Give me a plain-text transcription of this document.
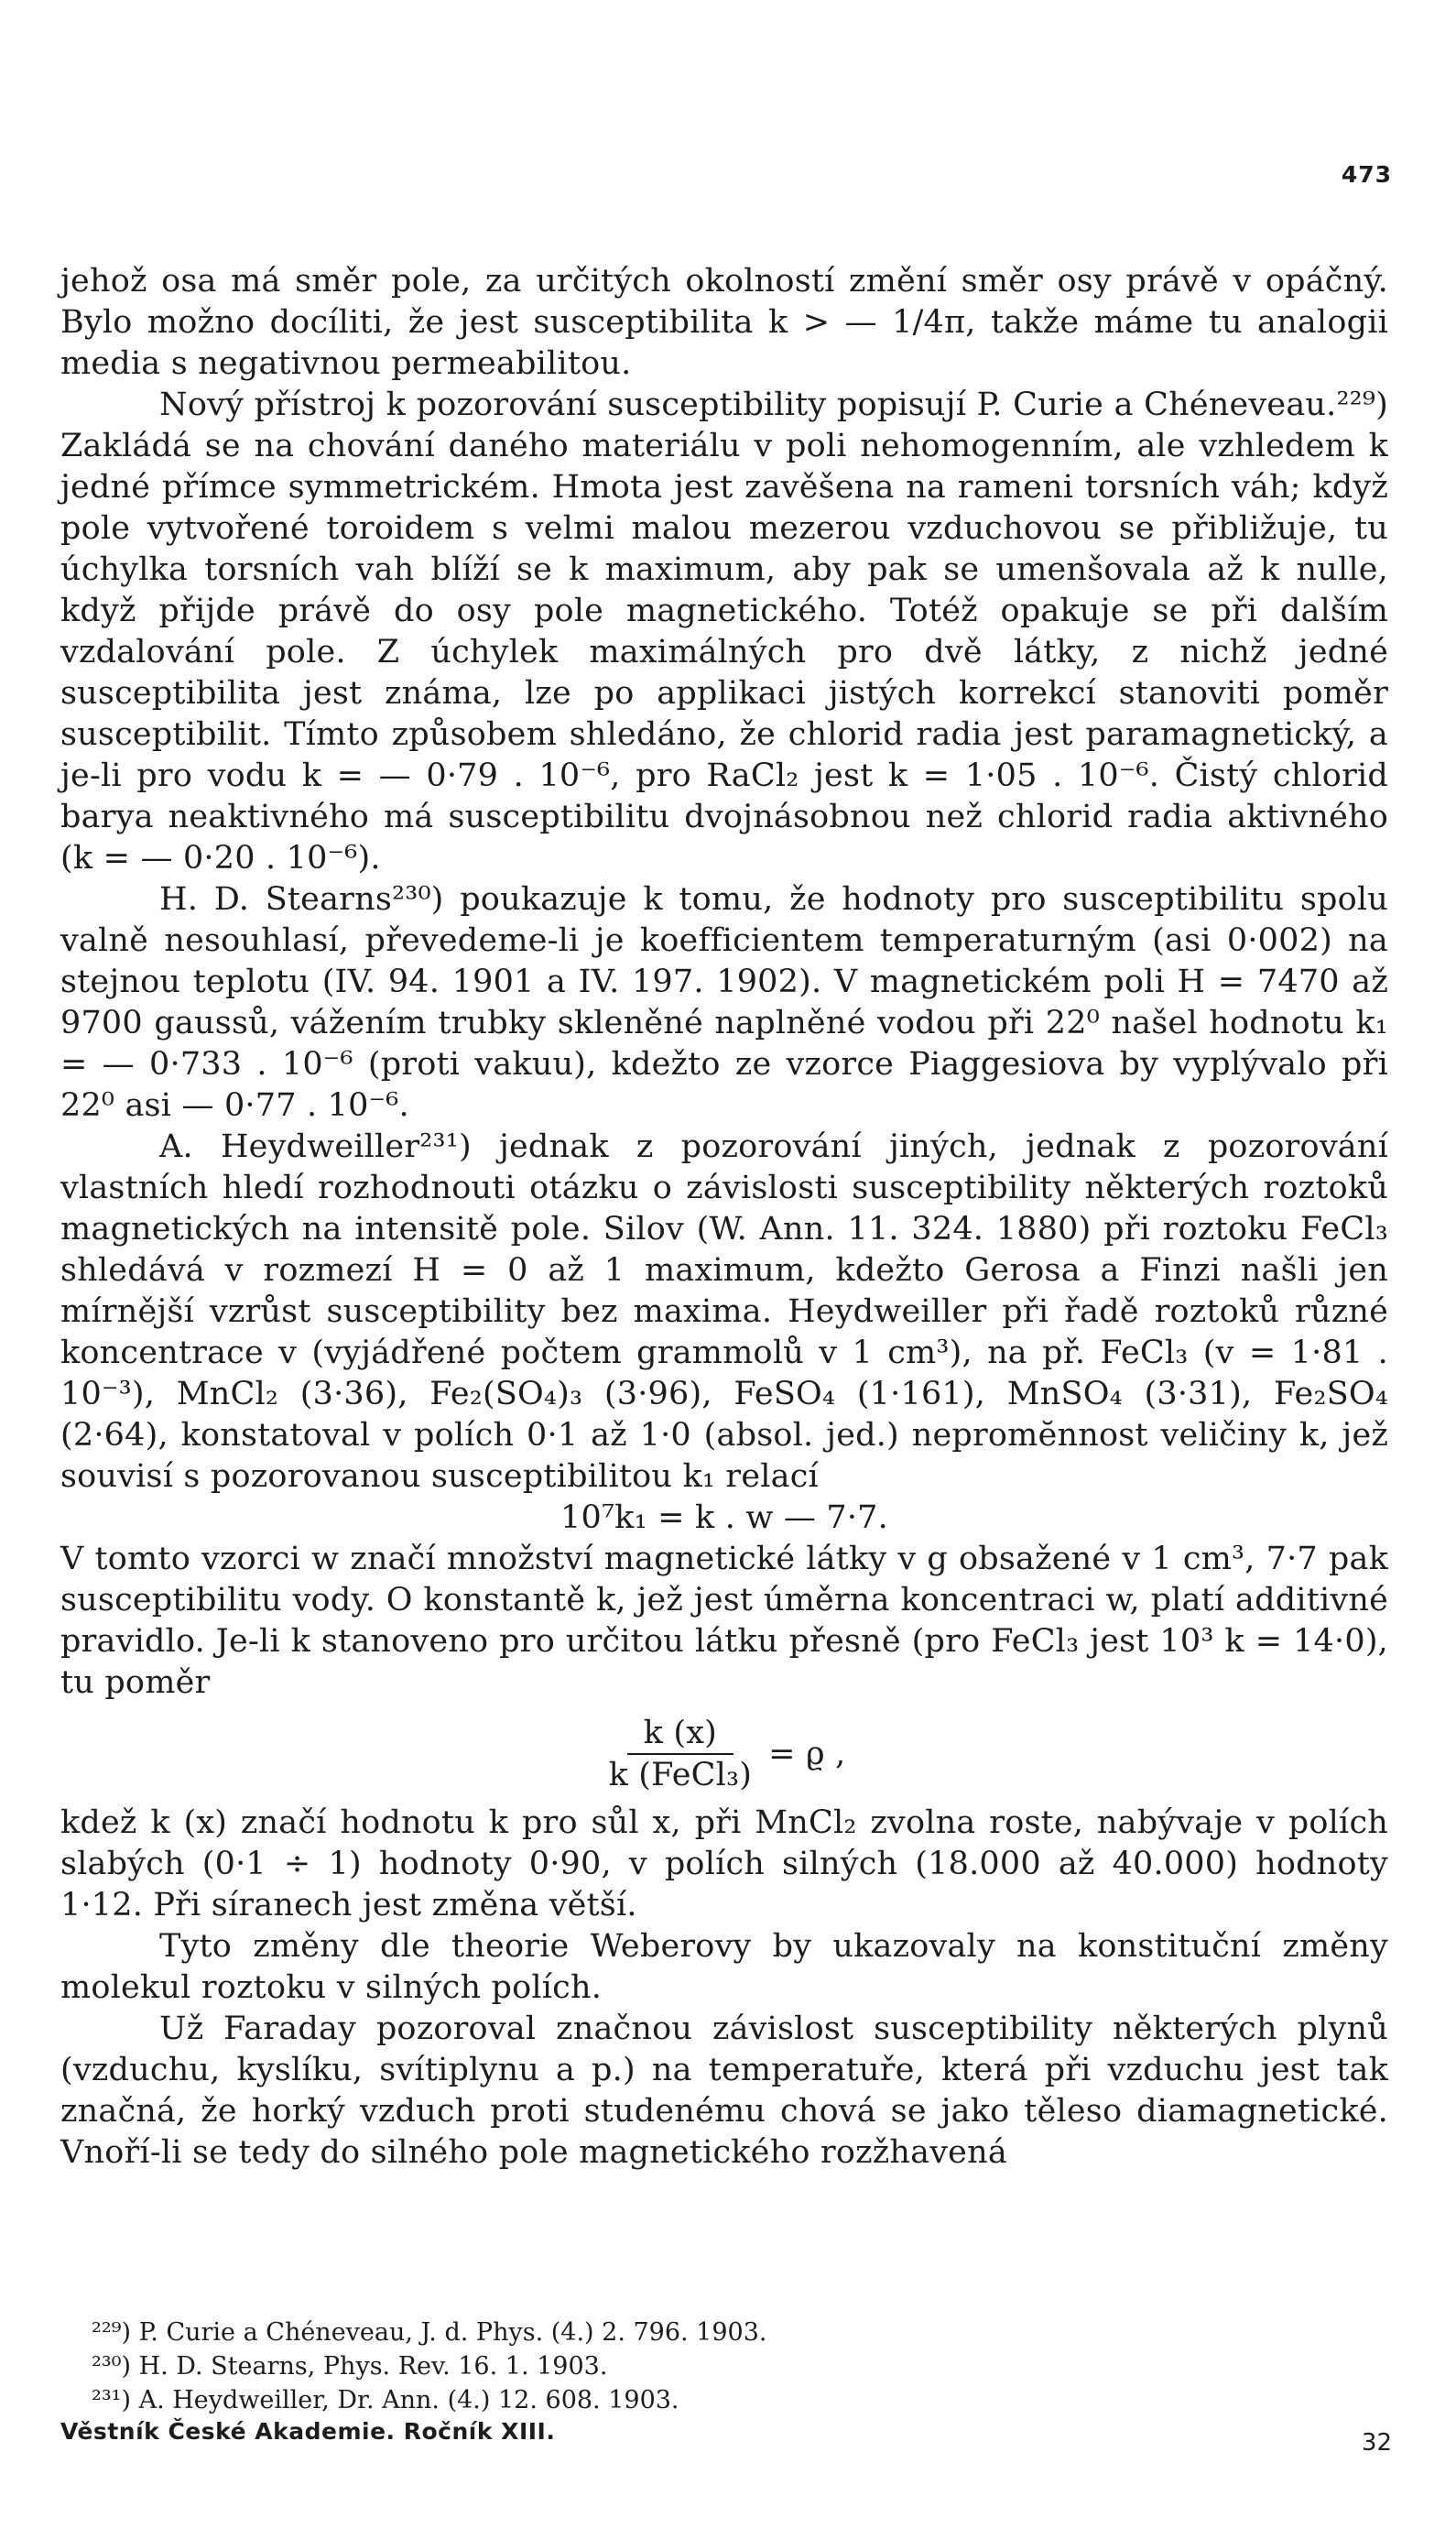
473

jehož osa má směr pole, za určitých okolností změní směr osy právě v opáčný. Bylo možno docíliti, že jest susceptibilita k > — 1/4π, takže máme tu analogii media s negativnou permeabilitou.

Nový přístroj k pozorování susceptibility popisují P. Curie a Chéneveau.²²⁹) Zakládá se na chování daného materiálu v poli nehomogenním, ale vzhledem k jedné přímce symmetrickém. Hmota jest zavěšena na rameni torsních váh; když pole vytvořené toroidem s velmi malou mezerou vzduchovou se přibližuje, tu úchylka torsních vah blíží se k maximum, aby pak se umenšovala až k nulle, když přijde právě do osy pole magnetického. Totéž opakuje se při dalším vzdalování pole. Z úchylek maximálných pro dvě látky, z nichž jedné susceptibilita jest známa, lze po applikaci jistých korrekcí stanoviti poměr susceptibilit. Tímto způsobem shledáno, že chlorid radia jest paramagnetický, a je-li pro vodu k = — 0·79 . 10⁻⁶, pro RaCl₂ jest k = 1·05 . 10⁻⁶. Čistý chlorid barya neaktivného má susceptibilitu dvojnásobnou než chlorid radia aktivného (k = — 0·20 . 10⁻⁶).

H. D. Stearns²³⁰) poukazuje k tomu, že hodnoty pro susceptibilitu spolu valně nesouhlasí, převedeme-li je koefficientem temperaturným (asi 0·002) na stejnou teplotu (IV. 94. 1901 a IV. 197. 1902). V magnetickém poli H = 7470 až 9700 gaussů, vážením trubky skleněné naplněné vodou při 22⁰ našel hodnotu k₁ = — 0·733 . 10⁻⁶ (proti vakuu), kdežto ze vzorce Piaggesiova by vyplývalo při 22⁰ asi — 0·77 . 10⁻⁶.

A. Heydweiller²³¹) jednak z pozorování jiných, jednak z pozorování vlastních hledí rozhodnouti otázku o závislosti susceptibility některých roztoků magnetických na intensitě pole. Silov (W. Ann. 11. 324. 1880) při roztoku FeCl₃ shledává v rozmezí H = 0 až 1 maximum, kdežto Gerosa a Finzi našli jen mírnější vzrůst susceptibility bez maxima. Heydweiller při řadě roztoků různé koncentrace v (vyjádřené počtem grammolů v 1 cm³), na př. FeCl₃ (v = 1·81 . 10⁻³), MnCl₂ (3·36), Fe₂(SO₄)₃ (3·96), FeSO₄ (1·161), MnSO₄ (3·31), Fe₂SO₄ (2·64), konstatoval v polích 0·1 až 1·0 (absol. jed.) nepromĕnnost veličiny k, jež souvisí s pozorovanou susceptibilitou k₁ relací

10⁷k₁ = k . w — 7·7.

V tomto vzorci w značí množství magnetické látky v g obsažené v 1 cm³, 7·7 pak susceptibilitu vody. O konstantě k, jež jest úměrna koncentraci w, platí additivné pravidlo. Je-li k stanoveno pro určitou látku přesně (pro FeCl₃ jest 10³ k = 14·0), tu poměr

$\frac{k (x)}{\text{k (FeCl₃)}} = ϱ$ ,

kdež k (x) značí hodnotu k pro sůl x, při MnCl₂ zvolna roste, nabývaje v polích slabých (0·1 ÷ 1) hodnoty 0·90, v polích silných (18.000 až 40.000) hodnoty 1·12. Při síranech jest změna větší.

Tyto změny dle theorie Weberovy by ukazovaly na konstituční změny molekul roztoku v silných polích.

Už Faraday pozoroval značnou závislost susceptibility některých plynů (vzduchu, kyslíku, svítiplynu a p.) na temperatuře, která při vzduchu jest tak značná, že horký vzduch proti studenému chová se jako těleso diamagnetické. Vnoří-li se tedy do silného pole magnetického rozžhavená

²²⁹) P. Curie a Chéneveau, J. d. Phys. (4.) 2. 796. 1903.
²³⁰) H. D. Stearns, Phys. Rev. 16. 1. 1903.
²³¹) A. Heydweiller, Dr. Ann. (4.) 12. 608. 1903.
Věstník České Akademie. Ročník XIII.	32
